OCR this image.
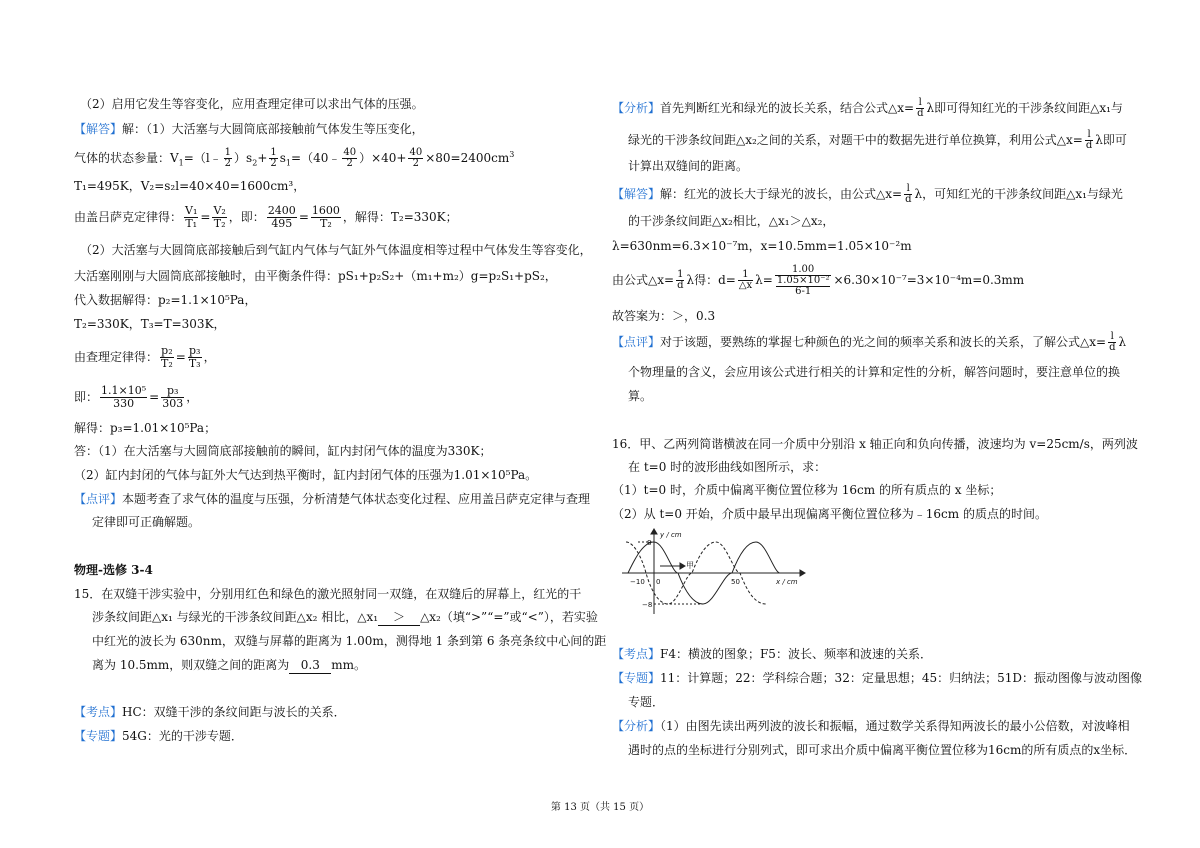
（2）启用它发生等容变化，应用查理定律可以求出气体的压强。
【解答】解：（1）大活塞与大圆筒底部接触前气体发生等压变化，
气体的状态参量：$V_1=(l﹣ \frac{1}{2} )s_2+ \frac{1}{2}$ $s_1=(40﹣ \frac{40}{2} )\times 40+ \frac{40}{2} \times 80=2400cm^3$
T₁=495K，V₂=s₂l=40×40=1600cm³，
由盖吕萨克定律得： $\frac{\text{V₁}}{\text{T₁}} = \frac{\text{V₂}}{\text{T₂}}$ ，即： $\frac{2400}{495} = \frac{1600}{\text{T₂}}$ ，解得：T₂=330K；
（2）大活塞与大圆筒底部接触后到气缸内气体与气缸外气体温度相等过程中气体发生等容变化，
大活塞刚刚与大圆筒底部接触时，由平衡条件得：pS₁+p₂S₂+（m₁+m₂）g=p₂S₁+pS₂，
代入数据解得：p₂=1.1×10⁵Pa，
T₂=330K，T₃=T=303K，
由查理定律得： $\frac{\text{p₂}}{\text{T₂}} = \frac{\text{p₃}}{\text{T₃}}$ ，
即： $\frac{\text{1.1×10⁵}}{330} = \frac{\text{p₃}}{303}$ ，
解得：p₃=1.01×10⁵Pa；
答：（1）在大活塞与大圆筒底部接触前的瞬间，缸内封闭气体的温度为330K；
（2）缸内封闭的气体与缸外大气达到热平衡时，缸内封闭气体的压强为1.01×10⁵Pa。
【点评】本题考查了求气体的温度与压强，分析清楚气体状态变化过程、应用盖吕萨克定律与查理
定律即可正确解题。
物理-选修 3-4
15．在双缝干涉实验中，分别用红色和绿色的激光照射同一双缝，在双缝后的屏幕上，红光的干
涉条纹间距△x₁ 与绿光的干涉条纹间距△x₂ 相比，△x₁ ＞ △x₂（填“>”“=”或“<”），若实验
中红光的波长为 630nm，双缝与屏幕的距离为 1.00m，测得地 1 条到第 6 条亮条纹中心间的距
离为 10.5mm，则双缝之间的距离为 0.3 mm。
【考点】HC：双缝干涉的条纹间距与波长的关系．
【专题】54G：光的干涉专题．
【分析】首先判断红光和绿光的波长关系，结合公式△x= $\frac{l}{d}$ λ即可得知红光的干涉条纹间距△x₁与
绿光的干涉条纹间距△x₂之间的关系，对题干中的数据先进行单位换算，利用公式△x= $\frac{l}{d}$ λ即可
计算出双缝间的距离。
【解答】解：红光的波长大于绿光的波长，由公式△x= $\frac{l}{d}$ λ，可知红光的干涉条纹间距△x₁与绿光
的干涉条纹间距△x₂相比，△x₁＞△x₂，
λ=630nm=6.3×10⁻⁷m，x=10.5mm=1.05×10⁻²m
由公式△x= $\frac{1}{d}$ λ得：$d= \frac{1}{\triangle x} \lambda= 1.00$
1.05×10⁻²
6-1 ×6.30×10⁻⁷=3×10⁻⁴m=0.3mm
故答案为：＞，0.3
【点评】对于该题，要熟练的掌握七种颜色的光之间的频率关系和波长的关系，了解公式△x= $\frac{l}{d}$ λ
个物理量的含义，会应用该公式进行相关的计算和定性的分析，解答问题时，要注意单位的换
算。
16．甲、乙两列简谐横波在同一介质中分别沿 x 轴正向和负向传播，波速均为 v=25cm/s，两列波
在 t=0 时的波形曲线如图所示，求：
（1）t=0 时，介质中偏离平衡位置位移为 16cm 的所有质点的 x 坐标；
（2）从 t=0 开始，介质中最早出现偏离平衡位置位移为﹣16cm 的质点的时间。
y / cm
x / cm
8
−8
−10 0	50
甲
【考点】F4：横波的图象；F5：波长、频率和波速的关系．
【专题】11：计算题；22：学科综合题；32：定量思想；45：归纳法；51D：振动图像与波动图像
专题．
【分析】（1）由图先读出两列波的波长和振幅，通过数学关系得知两波长的最小公倍数，对波峰相
遇时的点的坐标进行分别列式，即可求出介质中偏离平衡位置位移为16cm的所有质点的x坐标．
第 13 页（共 15 页）
